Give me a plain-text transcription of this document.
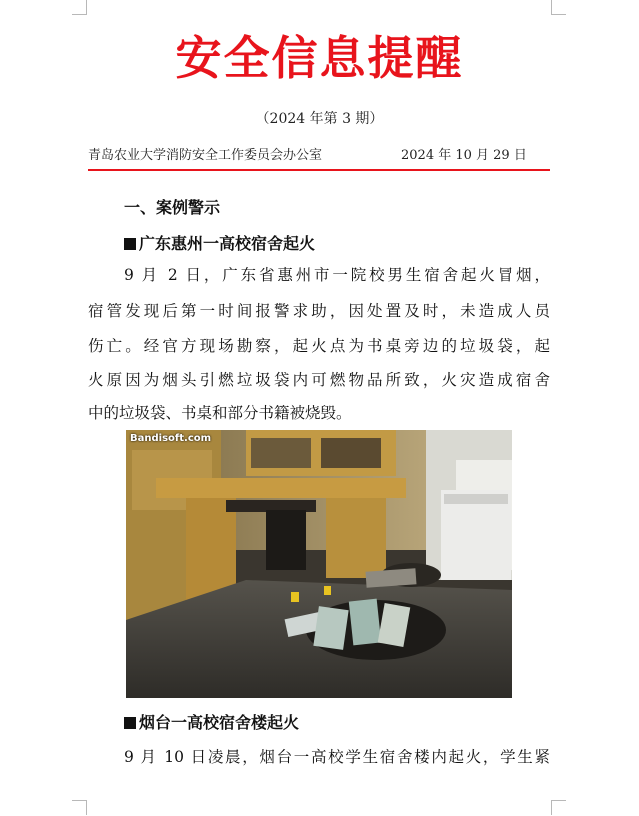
安全信息提醒
（2024 年第 3 期）
青岛农业大学消防安全工作委员会办公室	2024 年 10 月 29 日
一、案例警示
广东惠州一高校宿舍起火
9 月 2 日，广东省惠州市一院校男生宿舍起火冒烟，
宿管发现后第一时间报警求助，因处置及时，未造成人员
伤亡。经官方现场勘察，起火点为书桌旁边的垃圾袋，起
火原因为烟头引燃垃圾袋内可燃物品所致，火灾造成宿舍
中的垃圾袋、书桌和部分书籍被烧毁。
Bandisoft.com
烟台一高校宿舍楼起火
9 月 10 日凌晨，烟台一高校学生宿舍楼内起火，学生紧
